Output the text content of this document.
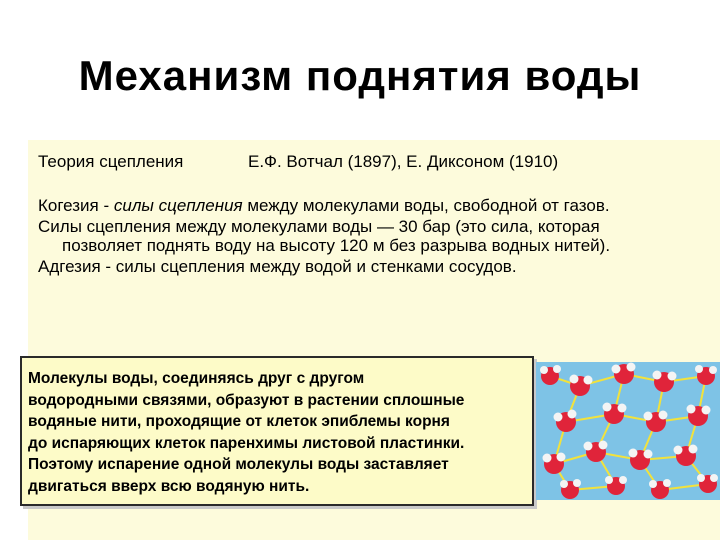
Механизм поднятия воды
Теория сцепления	Е.Ф. Вотчал (1897), Е. Диксоном (1910)

Когезия - силы сцепления между молекулами воды, свободной от газов.

Силы сцепления между молекулами воды — 30 бар (это сила, которая позволяет поднять воду на высоту 120 м без разрыва водных нитей).

Адгезия - силы сцепления между водой и стенками сосудов.

Молекулы воды, соединяясь друг с другом
водородными связями, образуют в растении сплошные
водяные нити, проходящие от клеток эпиблемы корня
до испаряющих клеток паренхимы листовой пластинки.
Поэтому испарение одной молекулы воды заставляет
двигаться вверх всю водяную нить.
